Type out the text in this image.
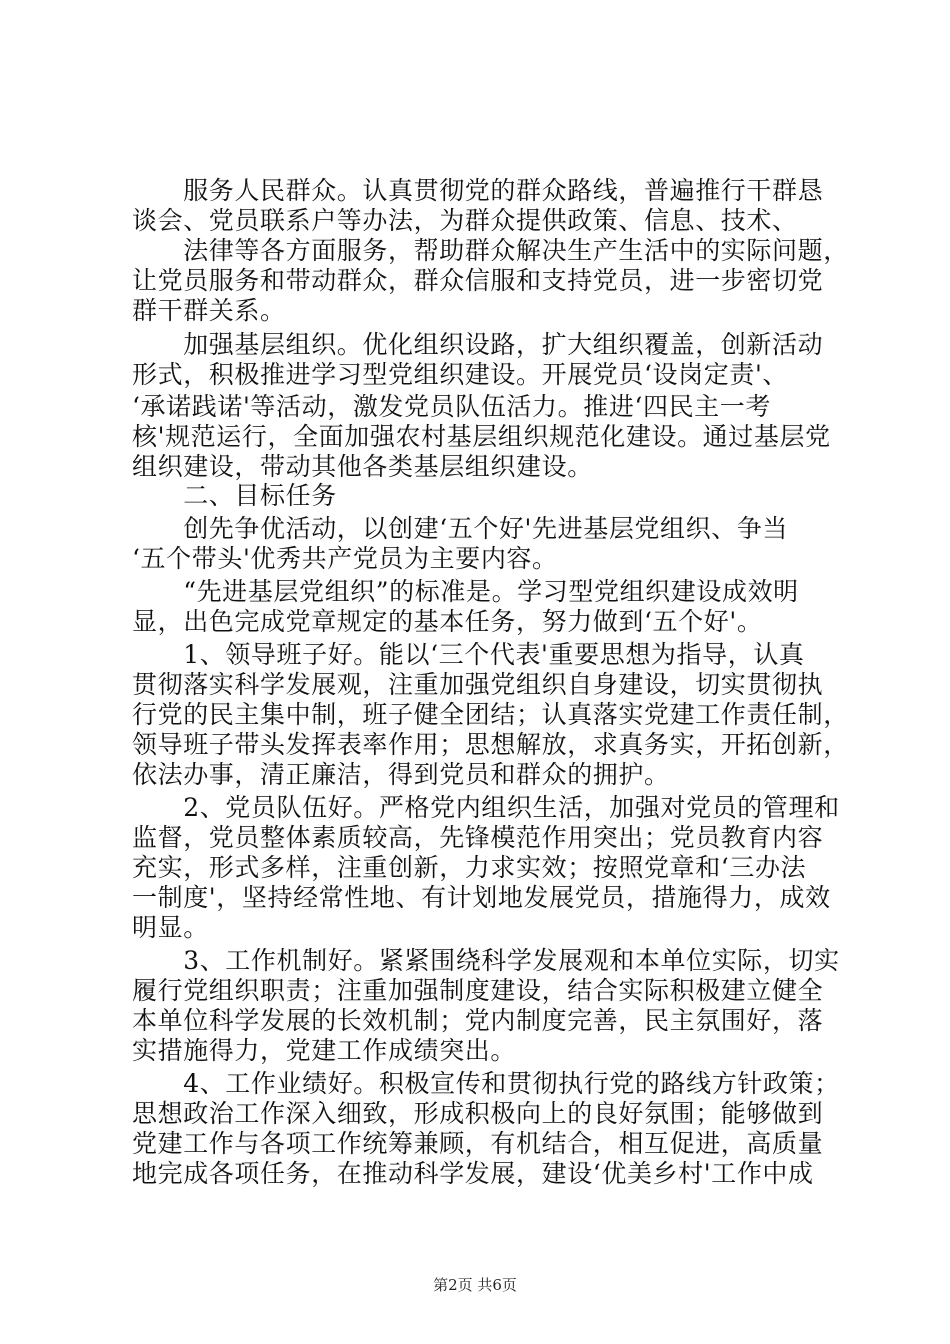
　　服务人民群众。认真贯彻党的群众路线，普遍推行干群恳
谈会、党员联系户等办法，为群众提供政策、信息、技术、
　　法律等各方面服务，帮助群众解决生产生活中的实际问题，
让党员服务和带动群众，群众信服和支持党员，进一步密切党
群干群关系。
　　加强基层组织。优化组织设路，扩大组织覆盖，创新活动
形式，积极推进学习型党组织建设。开展党员‘设岗定责'、
‘承诺践诺'等活动，激发党员队伍活力。推进‘四民主一考
核'规范运行，全面加强农村基层组织规范化建设。通过基层党
组织建设，带动其他各类基层组织建设。
　　二、目标任务
　　创先争优活动，以创建‘五个好'先进基层党组织、争当
‘五个带头'优秀共产党员为主要内容。
　　“先进基层党组织”的标准是。学习型党组织建设成效明
显，出色完成党章规定的基本任务，努力做到‘五个好'。
　　1、领导班子好。能以‘三个代表'重要思想为指导，认真
贯彻落实科学发展观，注重加强党组织自身建设，切实贯彻执
行党的民主集中制，班子健全团结；认真落实党建工作责任制，
领导班子带头发挥表率作用；思想解放，求真务实，开拓创新，
依法办事，清正廉洁，得到党员和群众的拥护。
　　2、党员队伍好。严格党内组织生活，加强对党员的管理和
监督，党员整体素质较高，先锋模范作用突出；党员教育内容
充实，形式多样，注重创新，力求实效；按照党章和‘三办法
一制度'，坚持经常性地、有计划地发展党员，措施得力，成效
明显。
　　3、工作机制好。紧紧围绕科学发展观和本单位实际，切实
履行党组织职责；注重加强制度建设，结合实际积极建立健全
本单位科学发展的长效机制；党内制度完善，民主氛围好，落
实措施得力，党建工作成绩突出。
　　4、工作业绩好。积极宣传和贯彻执行党的路线方针政策；
思想政治工作深入细致，形成积极向上的良好氛围；能够做到
党建工作与各项工作统筹兼顾，有机结合，相互促进，高质量
地完成各项任务，在推动科学发展，建设‘优美乡村'工作中成
第2页 共6页
